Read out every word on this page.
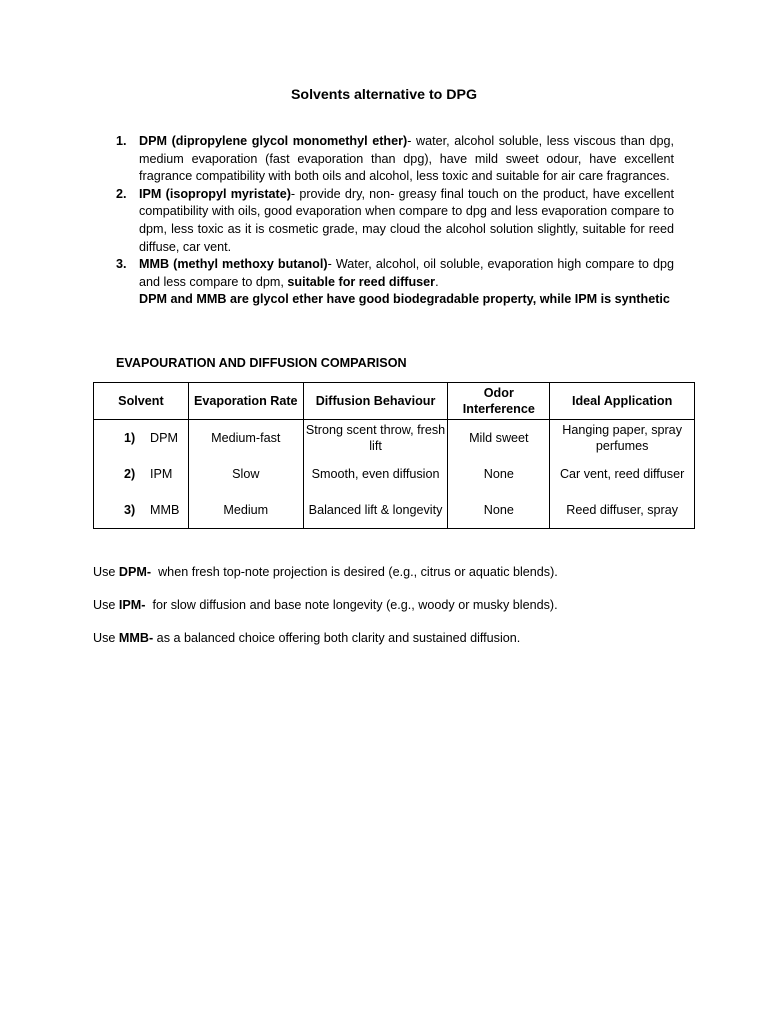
Solvents alternative to DPG
1. DPM (dipropylene glycol monomethyl ether)- water, alcohol soluble, less viscous than dpg, medium evaporation (fast evaporation than dpg), have mild sweet odour, have excellent fragrance compatibility with both oils and alcohol, less toxic and suitable for air care fragrances.
2. IPM (isopropyl myristate)- provide dry, non- greasy final touch on the product, have excellent compatibility with oils, good evaporation when compare to dpg and less evaporation compare to dpm, less toxic as it is cosmetic grade, may cloud the alcohol solution slightly, suitable for reed diffuse, car vent.
3. MMB (methyl methoxy butanol)- Water, alcohol, oil soluble, evaporation high compare to dpg and less compare to dpm, suitable for reed diffuser.
DPM and MMB are glycol ether have good biodegradable property, while IPM is synthetic
EVAPOURATION AND DIFFUSION COMPARISON
Solvent	Evaporation Rate	Diffusion Behaviour	Odor Interference	Ideal Application
1) DPM	Medium-fast	Strong scent throw, fresh lift	Mild sweet	Hanging paper, spray perfumes
2) IPM	Slow	Smooth, even diffusion	None	Car vent, reed diffuser
3) MMB	Medium	Balanced lift & longevity	None	Reed diffuser, spray

Use DPM-  when fresh top-note projection is desired (e.g., citrus or aquatic blends).

Use IPM-  for slow diffusion and base note longevity (e.g., woody or musky blends).

Use MMB- as a balanced choice offering both clarity and sustained diffusion.
